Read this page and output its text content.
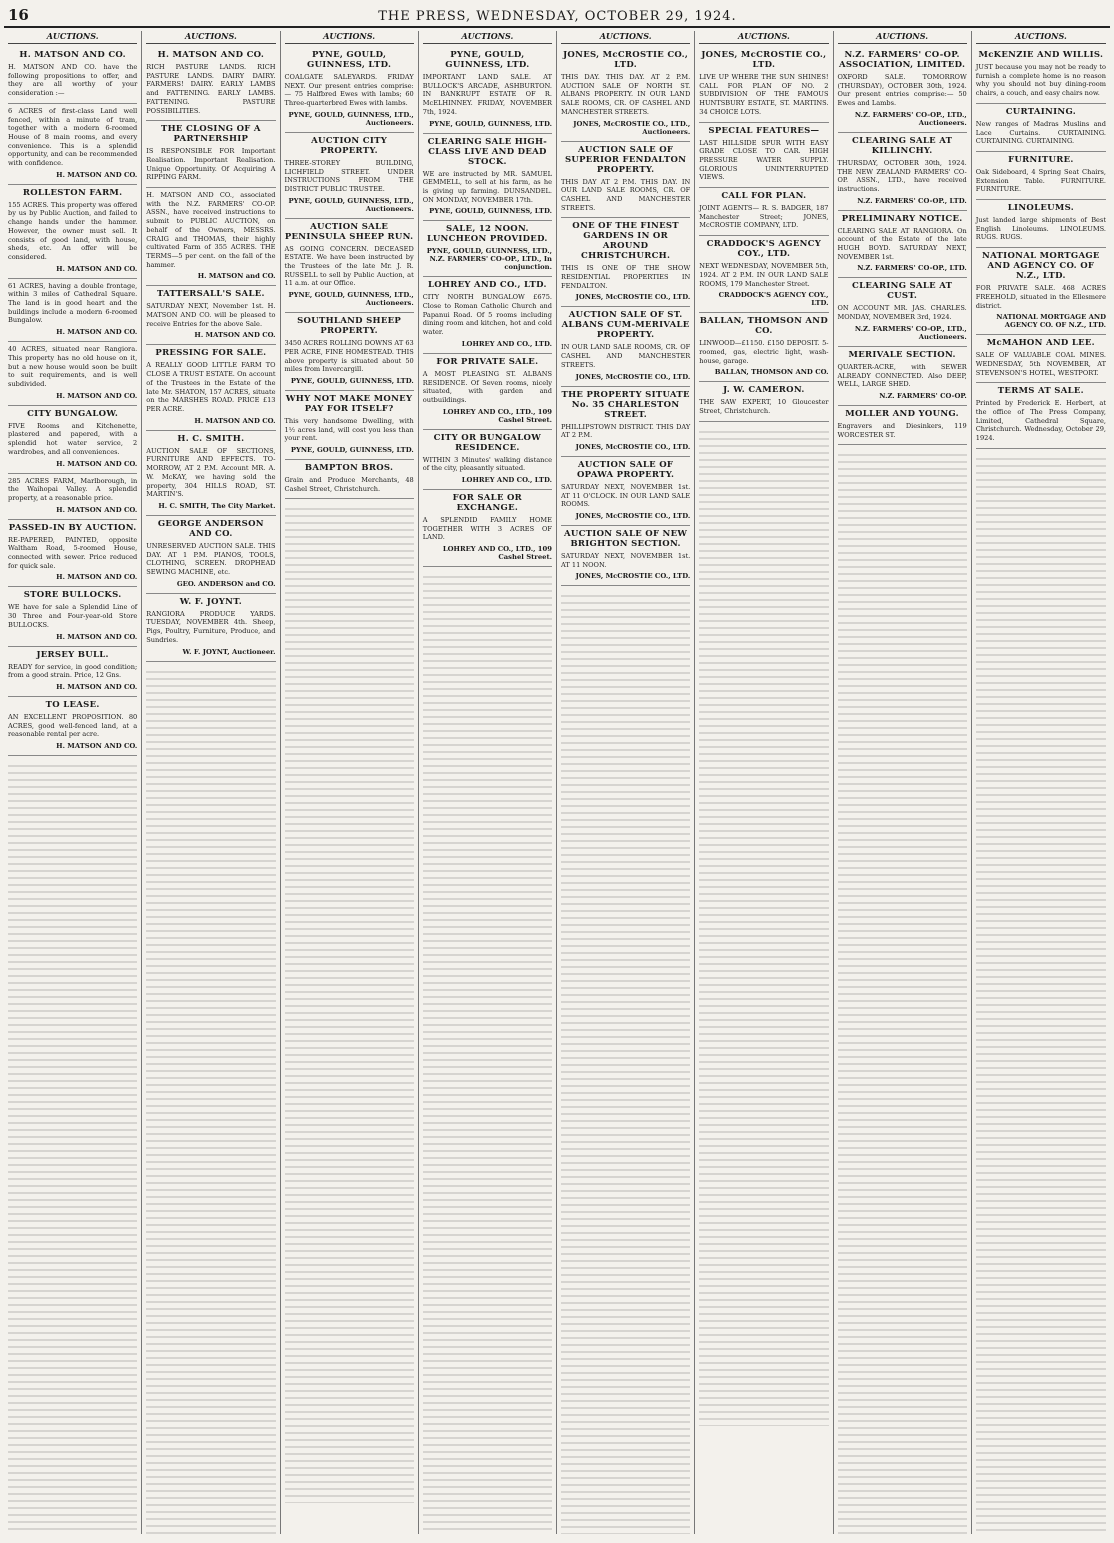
16	THE PRESS, WEDNESDAY, OCTOBER 29, 1924.
AUCTIONS.
H. MATSON AND CO.
H. MATSON AND CO. have the following propositions to offer, and they are all worthy of your consideration :—
6 ACRES of first-class Land well fenced, within a minute of tram, together with a modern 6-roomed House of 8 main rooms, and every convenience. This is a splendid opportunity, and can be recommended with confidence.
H. MATSON AND CO.
ROLLESTON FARM.
155 ACRES. This property was offered by us by Public Auction, and failed to change hands under the hammer. However, the owner must sell. It consists of good land, with house, sheds, etc. An offer will be considered.
H. MATSON AND CO.
61 ACRES, having a double frontage, within 3 miles of Cathedral Square. The land is in good heart and the buildings include a modern 6-roomed Bungalow.
H. MATSON AND CO.
40 ACRES, situated near Rangiora. This property has no old house on it, but a new house would soon be built to suit requirements, and is well subdivided.
H. MATSON AND CO.
CITY BUNGALOW.
FIVE Rooms and Kitchenette, plastered and papered, with a splendid hot water service, 2 wardrobes, and all conveniences.
H. MATSON AND CO.
285 ACRES FARM, Marlborough, in the Waihopai Valley. A splendid property, at a reasonable price.
H. MATSON AND CO.
PASSED-IN BY AUCTION.
RE-PAPERED, PAINTED, opposite Waltham Road, 5-roomed House, connected with sewer. Price reduced for quick sale.
H. MATSON AND CO.
STORE BULLOCKS.
WE have for sale a Splendid Line of 30 Three and Four-year-old Store BULLOCKS.
H. MATSON AND CO.
JERSEY BULL.
READY for service, in good condition; from a good strain. Price, 12 Gns.
H. MATSON AND CO.
TO LEASE.
AN EXCELLENT PROPOSITION. 80 ACRES, good well-fenced land, at a reasonable rental per acre.
H. MATSON AND CO.
AUCTIONS.
H. MATSON AND CO.
RICH PASTURE LANDS. RICH PASTURE LANDS. DAIRY DAIRY. FARMERS! DAIRY. EARLY LAMBS and FATTENING. EARLY LAMBS. FATTENING. PASTURE POSSIBILITIES.
THE CLOSING OF A PARTNERSHIP
IS RESPONSIBLE FOR Important Realisation. Important Realisation. Unique Opportunity. Of Acquiring A RIPPING FARM.
H. MATSON AND CO., associated with the N.Z. FARMERS' CO-OP. ASSN., have received instructions to submit to PUBLIC AUCTION, on behalf of the Owners, MESSRS. CRAIG and THOMAS, their highly cultivated Farm of 355 ACRES. THE TERMS—5 per cent. on the fall of the hammer.
H. MATSON and CO.
TATTERSALL'S SALE.
SATURDAY NEXT, November 1st. H. MATSON AND CO. will be pleased to receive Entries for the above Sale.
H. MATSON AND CO.
PRESSING FOR SALE.
A REALLY GOOD LITTLE FARM TO CLOSE A TRUST ESTATE. On account of the Trustees in the Estate of the late Mr. SHATON, 157 ACRES, situate on the MARSHES ROAD. PRICE £13 PER ACRE.
H. MATSON AND CO.
H. C. SMITH.
AUCTION SALE OF SECTIONS, FURNITURE AND EFFECTS. TO-MORROW, AT 2 P.M. Account MR. A. W. McKAY, we having sold the property, 304 HILLS ROAD, ST. MARTIN'S.
H. C. SMITH, The City Market.
GEORGE ANDERSON AND CO.
UNRESERVED AUCTION SALE. THIS DAY. AT 1 P.M. PIANOS, TOOLS, CLOTHING, SCREEN. DROPHEAD SEWING MACHINE, etc.
GEO. ANDERSON and CO.
W. F. JOYNT.
RANGIORA PRODUCE YARDS. TUESDAY, NOVEMBER 4th. Sheep, Pigs, Poultry, Furniture, Produce, and Sundries.
W. F. JOYNT, Auctioneer.
AUCTIONS.
PYNE, GOULD, GUINNESS, LTD.
COALGATE SALEYARDS. FRIDAY NEXT. Our present entries comprise:— 75 Halfbred Ewes with lambs; 60 Three-quarterbred Ewes with lambs.
PYNE, GOULD, GUINNESS, LTD., Auctioneers.
AUCTION CITY PROPERTY.
THREE-STOREY BUILDING, LICHFIELD STREET. UNDER INSTRUCTIONS FROM THE DISTRICT PUBLIC TRUSTEE.
PYNE, GOULD, GUINNESS, LTD., Auctioneers.
AUCTION SALE PENINSULA SHEEP RUN.
AS GOING CONCERN. DECEASED ESTATE. We have been instructed by the Trustees of the late Mr. J. R. RUSSELL to sell by Public Auction, at 11 a.m. at our Office.
PYNE, GOULD, GUINNESS, LTD., Auctioneers.
SOUTHLAND SHEEP PROPERTY.
3450 ACRES ROLLING DOWNS AT 63 PER ACRE, FINE HOMESTEAD. THIS above property is situated about 50 miles from Invercargill.
PYNE, GOULD, GUINNESS, LTD.
WHY NOT MAKE MONEY PAY FOR ITSELF?
This very handsome Dwelling, with 1½ acres land, will cost you less than your rent.
PYNE, GOULD, GUINNESS, LTD.
BAMPTON BROS.
Grain and Produce Merchants, 48 Cashel Street, Christchurch.
AUCTIONS.
PYNE, GOULD, GUINNESS, LTD.
IMPORTANT LAND SALE. AT BULLOCK'S ARCADE, ASHBURTON. IN BANKRUPT ESTATE OF R. McELHINNEY. FRIDAY, NOVEMBER 7th, 1924.
PYNE, GOULD, GUINNESS, LTD.
CLEARING SALE HIGH-CLASS LIVE AND DEAD STOCK.
WE are instructed by MR. SAMUEL GEMMELL, to sell at his farm, as he is giving up farming. DUNSANDEL. ON MONDAY, NOVEMBER 17th.
PYNE, GOULD, GUINNESS, LTD.
SALE, 12 NOON. LUNCHEON PROVIDED.
PYNE, GOULD, GUINNESS, LTD., N.Z. FARMERS' CO-OP., LTD., In conjunction.
LOHREY AND CO., LTD.
CITY NORTH BUNGALOW £675. Close to Roman Catholic Church and Papanui Road. Of 5 rooms including dining room and kitchen, hot and cold water.
LOHREY AND CO., LTD.
FOR PRIVATE SALE.
A MOST PLEASING ST. ALBANS RESIDENCE. Of Seven rooms, nicely situated, with garden and outbuildings.
LOHREY AND CO., LTD., 109 Cashel Street.
CITY OR BUNGALOW RESIDENCE.
WITHIN 3 Minutes' walking distance of the city, pleasantly situated.
LOHREY AND CO., LTD.
FOR SALE OR EXCHANGE.
A SPLENDID FAMILY HOME TOGETHER WITH 3 ACRES OF LAND.
LOHREY AND CO., LTD., 109 Cashel Street.
AUCTIONS.
JONES, McCROSTIE CO., LTD.
THIS DAY. THIS DAY. AT 2 P.M. AUCTION SALE OF NORTH ST. ALBANS PROPERTY. IN OUR LAND SALE ROOMS, CR. OF CASHEL AND MANCHESTER STREETS.
JONES, McCROSTIE CO., LTD., Auctioneers.
AUCTION SALE OF SUPERIOR FENDALTON PROPERTY.
THIS DAY AT 2 P.M. THIS DAY. IN OUR LAND SALE ROOMS, CR. OF CASHEL AND MANCHESTER STREETS.
ONE OF THE FINEST GARDENS IN OR AROUND CHRISTCHURCH.
THIS IS ONE OF THE SHOW RESIDENTIAL PROPERTIES IN FENDALTON.
JONES, McCROSTIE CO., LTD.
AUCTION SALE OF ST. ALBANS CUM-MERIVALE PROPERTY.
IN OUR LAND SALE ROOMS, CR. OF CASHEL AND MANCHESTER STREETS.
JONES, McCROSTIE CO., LTD.
THE PROPERTY SITUATE No. 35 CHARLESTON STREET.
PHILLIPSTOWN DISTRICT. THIS DAY AT 2 P.M.
JONES, McCROSTIE CO., LTD.
AUCTION SALE OF OPAWA PROPERTY.
SATURDAY NEXT, NOVEMBER 1st. AT 11 O'CLOCK. IN OUR LAND SALE ROOMS.
JONES, McCROSTIE CO., LTD.
AUCTION SALE OF NEW BRIGHTON SECTION.
SATURDAY NEXT, NOVEMBER 1st. AT 11 NOON.
JONES, McCROSTIE CO., LTD.
AUCTIONS.
JONES, McCROSTIE CO., LTD.
LIVE UP WHERE THE SUN SHINES! CALL FOR PLAN OF NO. 2 SUBDIVISION OF THE FAMOUS HUNTSBURY ESTATE, ST. MARTINS. 34 CHOICE LOTS.
SPECIAL FEATURES—
LAST HILLSIDE SPUR WITH EASY GRADE CLOSE TO CAR. HIGH PRESSURE WATER SUPPLY. GLORIOUS UNINTERRUPTED VIEWS.
CALL FOR PLAN.
JOINT AGENTS— R. S. BADGER, 187 Manchester Street; JONES, McCROSTIE COMPANY, LTD.
CRADDOCK'S AGENCY COY., LTD.
NEXT WEDNESDAY, NOVEMBER 5th, 1924. AT 2 P.M. IN OUR LAND SALE ROOMS, 179 Manchester Street.
CRADDOCK'S AGENCY COY., LTD.
BALLAN, THOMSON AND CO.
LINWOOD—£1150. £150 DEPOSIT. 5-roomed, gas, electric light, wash-house, garage.
BALLAN, THOMSON AND CO.
J. W. CAMERON.
THE SAW EXPERT, 10 Gloucester Street, Christchurch.
AUCTIONS.
N.Z. FARMERS' CO-OP. ASSOCIATION, LIMITED.
OXFORD SALE. TOMORROW (THURSDAY), OCTOBER 30th, 1924. Our present entries comprise:— 50 Ewes and Lambs.
N.Z. FARMERS' CO-OP., LTD., Auctioneers.
CLEARING SALE AT KILLINCHY.
THURSDAY, OCTOBER 30th, 1924. THE NEW ZEALAND FARMERS' CO-OP. ASSN., LTD., have received instructions.
N.Z. FARMERS' CO-OP., LTD.
PRELIMINARY NOTICE.
CLEARING SALE AT RANGIORA. On account of the Estate of the late HUGH BOYD. SATURDAY NEXT, NOVEMBER 1st.
N.Z. FARMERS' CO-OP., LTD.
CLEARING SALE AT CUST.
ON ACCOUNT MR. JAS. CHARLES. MONDAY, NOVEMBER 3rd, 1924.
N.Z. FARMERS' CO-OP., LTD., Auctioneers.
MERIVALE SECTION.
QUARTER-ACRE, with SEWER ALREADY CONNECTED. Also DEEP, WELL, LARGE SHED.
N.Z. FARMERS' CO-OP.
MOLLER AND YOUNG.
Engravers and Diesinkers, 119 WORCESTER ST.
AUCTIONS.
McKENZIE AND WILLIS.
JUST because you may not be ready to furnish a complete home is no reason why you should not buy dining-room chairs, a couch, and easy chairs now.
CURTAINING.
New ranges of Madras Muslins and Lace Curtains. CURTAINING. CURTAINING. CURTAINING.
FURNITURE.
Oak Sideboard, 4 Spring Seat Chairs, Extension Table. FURNITURE. FURNITURE.
LINOLEUMS.
Just landed large shipments of Best English Linoleums. LINOLEUMS. RUGS. RUGS.
NATIONAL MORTGAGE AND AGENCY CO. OF N.Z., LTD.
FOR PRIVATE SALE. 468 ACRES FREEHOLD, situated in the Ellesmere district.
NATIONAL MORTGAGE AND AGENCY CO. OF N.Z., LTD.
McMAHON AND LEE.
SALE OF VALUABLE COAL MINES. WEDNESDAY, 5th NOVEMBER, AT STEVENSON'S HOTEL, WESTPORT.
TERMS AT SALE.
Printed by Frederick E. Herbert, at the office of The Press Company, Limited, Cathedral Square, Christchurch. Wednesday, October 29, 1924.
